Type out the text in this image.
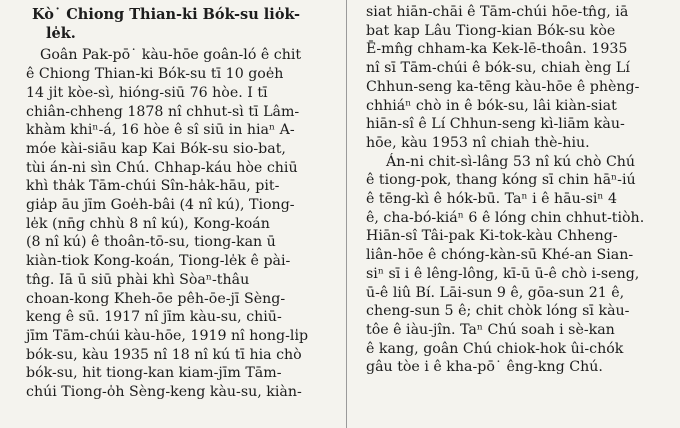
Kò˙ Chiong Thian-ki Bók-su lio̍k-
le̍k.
Goân Pak-pō˙ kàu-hōe goân-ló ê chit
ê Chiong Thian-ki Bók-su tī 10 goe̍h
14 ji̍t kòe-sì, hióng-siū 76 hòe. I tī
chiân-chheng 1878 nî chhut-sì tī Lâm-
khàm khiⁿ-á, 16 hòe ê sî siū in hiaⁿ A-
móe kài-siāu kap Kai Bók-su sio-bat,
tùi án-ni sìn Chú. Chhap-káu hòe chiū
khì tha̍k Tām-chúi Sîn-ha̍k-hāu, pit-
gia̍p āu jīm Goe̍h-bâi (4 nî kú), Tiong-
le̍k (nn̄g chhù 8 nî kú), Kong-koán
(8 nî kú) ê thoân-tō-su, tiong-kan ū
kiàn-tiok Kong-koán, Tiong-le̍k ê pài-
tn̂g. Iā ū siū phài khì Sòaⁿ-thâu
choan-kong Kheh-ōe pêh-ōe-jī Sèng-
keng ê sū. 1917 nî jīm kàu-su, chiū-
jīm Tām-chúi kàu-hōe, 1919 nî hong-li̍p
bók-su, kàu 1935 nî 18 nî kú tī hia chò
bók-su, hit tiong-kan kiam-jīm Tām-
chúi Tiong-o̍h Sèng-keng kàu-su, kiàn-
siat hiān-chāi ê Tām-chúi hōe-tn̂g, iā
bat kap Lâu Tiong-kian Bók-su kòe
Ē-mn̂g chham-ka Kek-lē-thoân. 1935
nî sī Tām-chúi ê bók-su, chiah èng Lí
Chhun-seng ka-tēng kàu-hōe ê phèng-
chhiáⁿ chò in ê bók-su, lâi kiàn-siat
hiān-sî ê Lí Chhun-seng kì-liām kàu-
hōe, kàu 1953 nî chiah thè-hiu.
Án-ni chit-sì-lâng 53 nî kú chò Chú
ê tiong-pok, thang kóng sī chin hāⁿ-iú
ê tēng-kì ê hók-bū. Taⁿ i ê hāu-siⁿ 4
ê, cha-bó-kiáⁿ 6 ê lóng chin chhut-tiòh.
Hiān-sî Tâi-pak Ki-tok-kàu Chheng-
liân-hōe ê chóng-kàn-sū Khé-an Sian-
siⁿ sī i ê lêng-lông, kī-ū ū-ê chò i-seng,
ū-ê liû Bí. Lāi-sun 9 ê, gōa-sun 21 ê,
cheng-sun 5 ê; chit chòk lóng sī kàu-
tôe ê iàu-jîn. Taⁿ Chú soah i sè-kan
ê kang, goân Chú chiok-hok ûi-chók
gâu tòe i ê kha-pō˙ êng-kng Chú.
